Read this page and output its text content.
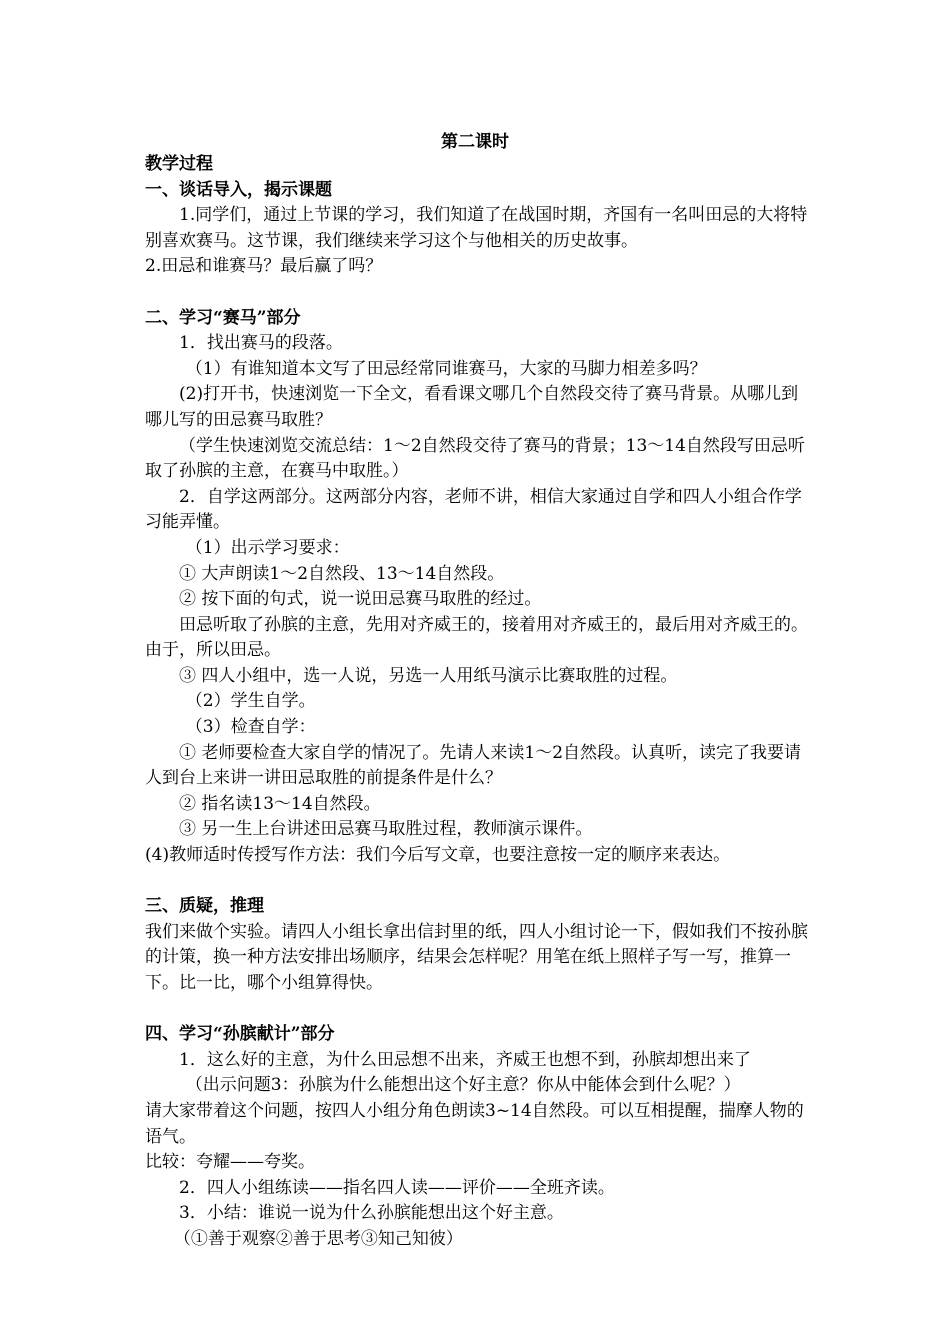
第二课时
教学过程
一、谈话导入，揭示课题
1.同学们，通过上节课的学习，我们知道了在战国时期，齐国有一名叫田忌的大将特别喜欢赛马。这节课，我们继续来学习这个与他相关的历史故事。
2.田忌和谁赛马？最后赢了吗？
二、学习“赛马”部分
1．找出赛马的段落。
（1）有谁知道本文写了田忌经常同谁赛马，大家的马脚力相差多吗？
(2)打开书，快速浏览一下全文，看看课文哪几个自然段交待了赛马背景。从哪儿到哪儿写的田忌赛马取胜？
（学生快速浏览交流总结：1～2自然段交待了赛马的背景；13～14自然段写田忌听取了孙膑的主意，在赛马中取胜。）
2．自学这两部分。这两部分内容，老师不讲，相信大家通过自学和四人小组合作学习能弄懂。
（1）出示学习要求：
① 大声朗读1～2自然段、13～14自然段。
② 按下面的句式，说一说田忌赛马取胜的经过。
田忌听取了孙膑的主意，先用对齐威王的，接着用对齐威王的，最后用对齐威王的。由于，所以田忌。
③ 四人小组中，选一人说，另选一人用纸马演示比赛取胜的过程。
（2）学生自学。
（3）检查自学：
① 老师要检查大家自学的情况了。先请人来读1～2自然段。认真听，读完了我要请人到台上来讲一讲田忌取胜的前提条件是什么？
② 指名读13～14自然段。
③ 另一生上台讲述田忌赛马取胜过程，教师演示课件。
(4)教师适时传授写作方法：我们今后写文章，也要注意按一定的顺序来表达。
三、质疑，推理
我们来做个实验。请四人小组长拿出信封里的纸，四人小组讨论一下，假如我们不按孙膑的计策，换一种方法安排出场顺序，结果会怎样呢？用笔在纸上照样子写一写，推算一下。比一比，哪个小组算得快。
四、学习“孙膑献计”部分
1．这么好的主意，为什么田忌想不出来，齐威王也想不到，孙膑却想出来了
（出示问题3：孙膑为什么能想出这个好主意？你从中能体会到什么呢？）
请大家带着这个问题，按四人小组分角色朗读3~14自然段。可以互相提醒，揣摩人物的语气。
比较：夸耀——夸奖。
2．四人小组练读——指名四人读——评价——全班齐读。
3．小结：谁说一说为什么孙膑能想出这个好主意。
（①善于观察②善于思考③知己知彼）
